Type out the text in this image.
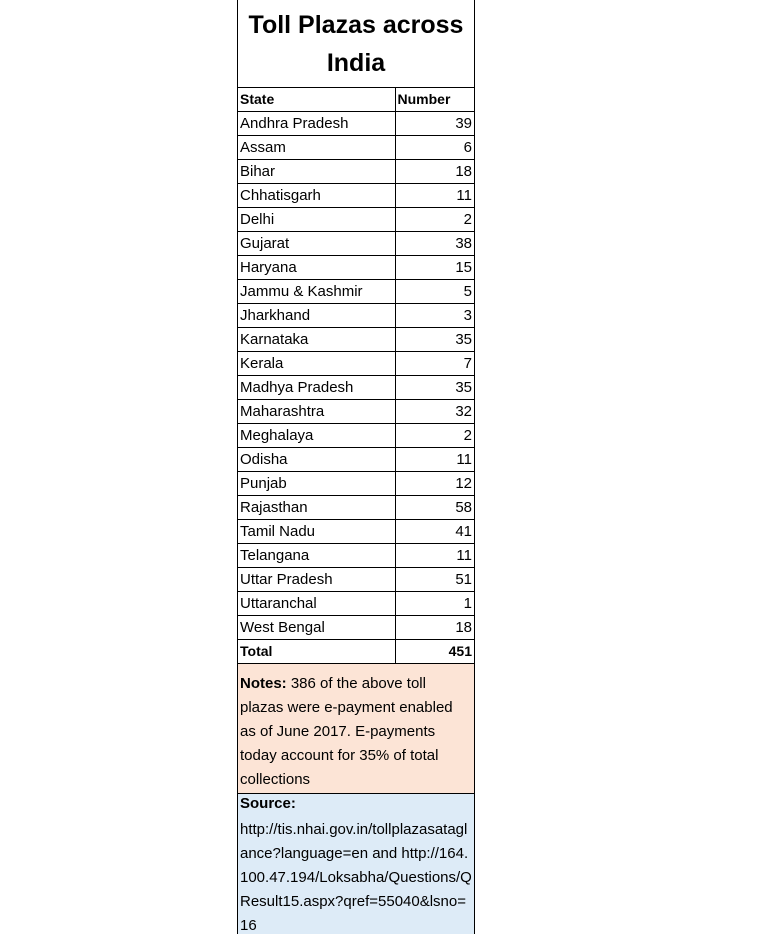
Toll Plazas across India
State	Number
Andhra Pradesh	39
Assam	6
Bihar	18
Chhatisgarh	11
Delhi	2
Gujarat	38
Haryana	15
Jammu & Kashmir	5
Jharkhand	3
Karnataka	35
Kerala	7
Madhya Pradesh	35
Maharashtra	32
Meghalaya	2
Odisha	11
Punjab	12
Rajasthan	58
Tamil Nadu	41
Telangana	11
Uttar Pradesh	51
Uttaranchal	1
West Bengal	18
Total	451
Notes: 386 of the above toll plazas were e-payment enabled as of June 2017. E-payments today account for 35% of total collections
Source:
http://tis.nhai.gov.in/tollplazasataglance?language=en and http://164.100.47.194/Loksabha/Questions/QResult15.aspx?qref=55040&lsno=16
